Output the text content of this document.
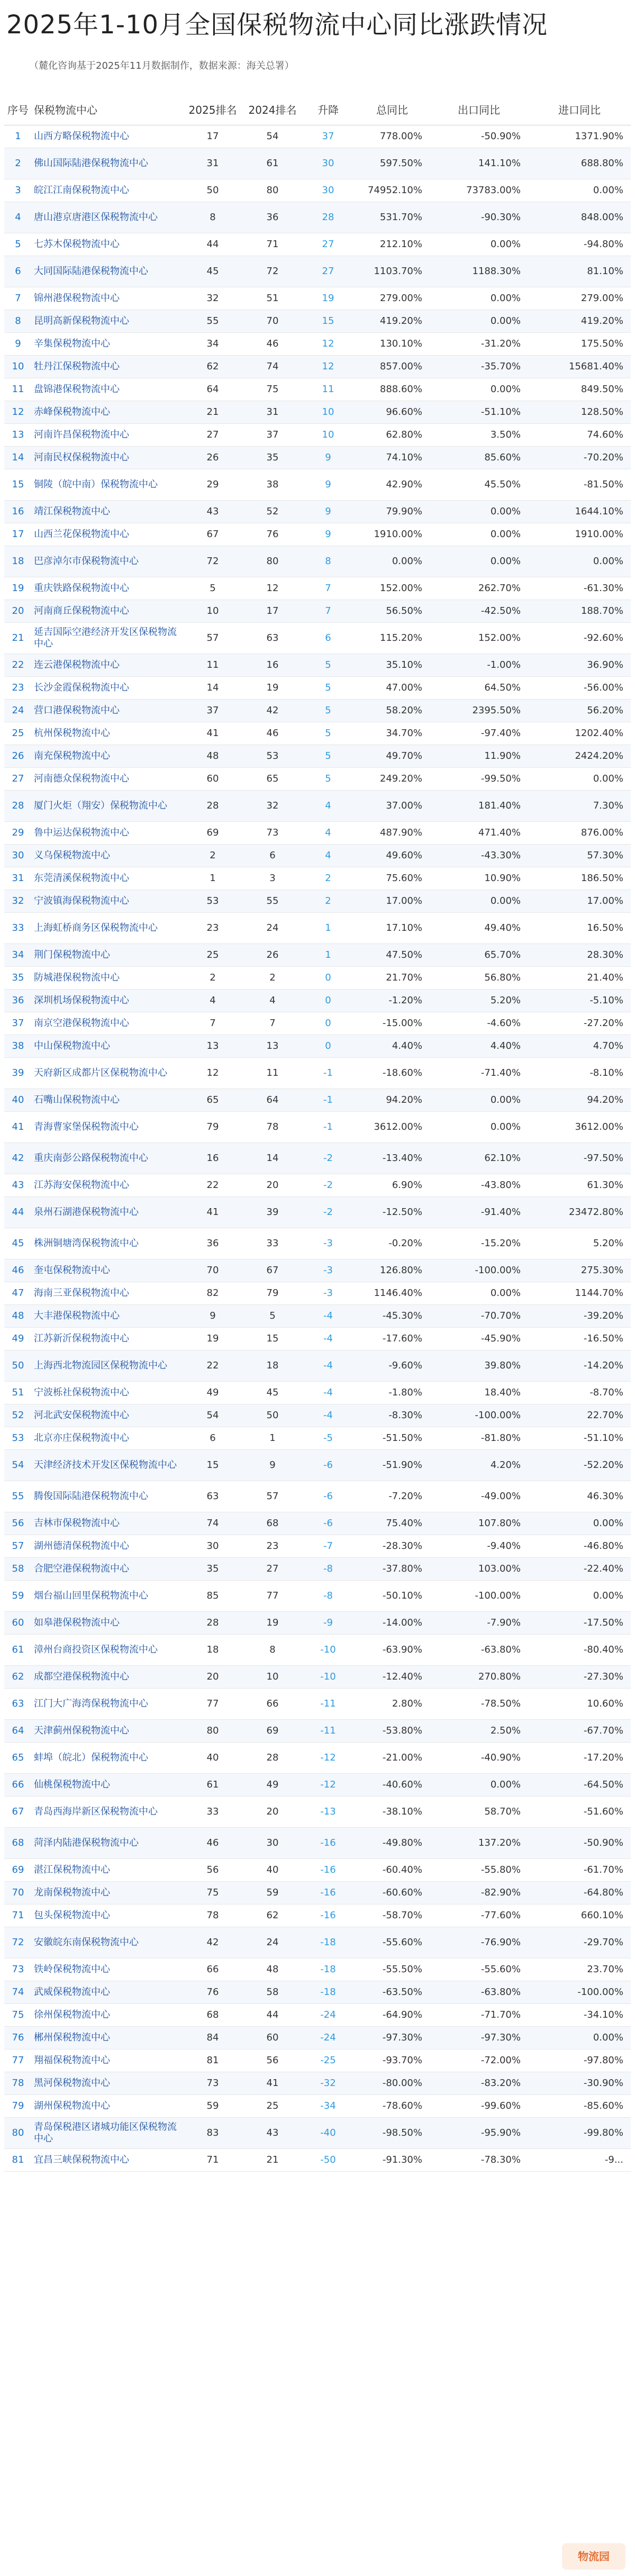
2025年1-10月全国保税物流中心同比涨跌情况

（麓化咨询基于2025年11月数据制作，数据来源：海关总署）

序号	保税物流中心	2025排名	2024排名	升降	总同比	出口同比	进口同比
1	山西方略保税物流中心	17	54	37	778.00%	-50.90%	1371.90%
2	佛山国际陆港保税物流中心	31	61	30	597.50%	141.10%	688.80%
3	皖江江南保税物流中心	50	80	30	74952.10%	73783.00%	0.00%
4	唐山港京唐港区保税物流中心	8	36	28	531.70%	-90.30%	848.00%
5	七苏木保税物流中心	44	71	27	212.10%	0.00%	-94.80%
6	大同国际陆港保税物流中心	45	72	27	1103.70%	1188.30%	81.10%
7	锦州港保税物流中心	32	51	19	279.00%	0.00%	279.00%
8	昆明高新保税物流中心	55	70	15	419.20%	0.00%	419.20%
9	辛集保税物流中心	34	46	12	130.10%	-31.20%	175.50%
10	牡丹江保税物流中心	62	74	12	857.00%	-35.70%	15681.40%
11	盘锦港保税物流中心	64	75	11	888.60%	0.00%	849.50%
12	赤峰保税物流中心	21	31	10	96.60%	-51.10%	128.50%
13	河南许昌保税物流中心	27	37	10	62.80%	3.50%	74.60%
14	河南民权保税物流中心	26	35	9	74.10%	85.60%	-70.20%
15	铜陵（皖中南）保税物流中心	29	38	9	42.90%	45.50%	-81.50%
16	靖江保税物流中心	43	52	9	79.90%	0.00%	1644.10%
17	山西兰花保税物流中心	67	76	9	1910.00%	0.00%	1910.00%
18	巴彦淖尔市保税物流中心	72	80	8	0.00%	0.00%	0.00%
19	重庆铁路保税物流中心	5	12	7	152.00%	262.70%	-61.30%
20	河南商丘保税物流中心	10	17	7	56.50%	-42.50%	188.70%
21	延吉国际空港经济开发区保税物流中心	57	63	6	115.20%	152.00%	-92.60%
22	连云港保税物流中心	11	16	5	35.10%	-1.00%	36.90%
23	长沙金霞保税物流中心	14	19	5	47.00%	64.50%	-56.00%
24	营口港保税物流中心	37	42	5	58.20%	2395.50%	56.20%
25	杭州保税物流中心	41	46	5	34.70%	-97.40%	1202.40%
26	南充保税物流中心	48	53	5	49.70%	11.90%	2424.20%
27	河南德众保税物流中心	60	65	5	249.20%	-99.50%	0.00%
28	厦门火炬（翔安）保税物流中心	28	32	4	37.00%	181.40%	7.30%
29	鲁中运达保税物流中心	69	73	4	487.90%	471.40%	876.00%
30	义乌保税物流中心	2	6	4	49.60%	-43.30%	57.30%
31	东莞清溪保税物流中心	1	3	2	75.60%	10.90%	186.50%
32	宁波镇海保税物流中心	53	55	2	17.00%	0.00%	17.00%
33	上海虹桥商务区保税物流中心	23	24	1	17.10%	49.40%	16.50%
34	荆门保税物流中心	25	26	1	47.50%	65.70%	28.30%
35	防城港保税物流中心	2	2	0	21.70%	56.80%	21.40%
36	深圳机场保税物流中心	4	4	0	-1.20%	5.20%	-5.10%
37	南京空港保税物流中心	7	7	0	-15.00%	-4.60%	-27.20%
38	中山保税物流中心	13	13	0	4.40%	4.40%	4.70%
39	天府新区成都片区保税物流中心	12	11	-1	-18.60%	-71.40%	-8.10%
40	石嘴山保税物流中心	65	64	-1	94.20%	0.00%	94.20%
41	青海曹家堡保税物流中心	79	78	-1	3612.00%	0.00%	3612.00%
42	重庆南彭公路保税物流中心	16	14	-2	-13.40%	62.10%	-97.50%
43	江苏海安保税物流中心	22	20	-2	6.90%	-43.80%	61.30%
44	泉州石湖港保税物流中心	41	39	-2	-12.50%	-91.40%	23472.80%
45	株洲铜塘湾保税物流中心	36	33	-3	-0.20%	-15.20%	5.20%
46	奎屯保税物流中心	70	67	-3	126.80%	-100.00%	275.30%
47	海南三亚保税物流中心	82	79	-3	1146.40%	0.00%	1144.70%
48	大丰港保税物流中心	9	5	-4	-45.30%	-70.70%	-39.20%
49	江苏新沂保税物流中心	19	15	-4	-17.60%	-45.90%	-16.50%
50	上海西北物流园区保税物流中心	22	18	-4	-9.60%	39.80%	-14.20%
51	宁波栎社保税物流中心	49	45	-4	-1.80%	18.40%	-8.70%
52	河北武安保税物流中心	54	50	-4	-8.30%	-100.00%	22.70%
53	北京亦庄保税物流中心	6	1	-5	-51.50%	-81.80%	-51.10%
54	天津经济技术开发区保税物流中心	15	9	-6	-51.90%	4.20%	-52.20%
55	腾俊国际陆港保税物流中心	63	57	-6	-7.20%	-49.00%	46.30%
56	吉林市保税物流中心	74	68	-6	75.40%	107.80%	0.00%
57	湖州德清保税物流中心	30	23	-7	-28.30%	-9.40%	-46.80%
58	合肥空港保税物流中心	35	27	-8	-37.80%	103.00%	-22.40%
59	烟台福山回里保税物流中心	85	77	-8	-50.10%	-100.00%	0.00%
60	如皋港保税物流中心	28	19	-9	-14.00%	-7.90%	-17.50%
61	漳州台商投资区保税物流中心	18	8	-10	-63.90%	-63.80%	-80.40%
62	成都空港保税物流中心	20	10	-10	-12.40%	270.80%	-27.30%
63	江门大广海湾保税物流中心	77	66	-11	2.80%	-78.50%	10.60%
64	天津蓟州保税物流中心	80	69	-11	-53.80%	2.50%	-67.70%
65	蚌埠（皖北）保税物流中心	40	28	-12	-21.00%	-40.90%	-17.20%
66	仙桃保税物流中心	61	49	-12	-40.60%	0.00%	-64.50%
67	青岛西海岸新区保税物流中心	33	20	-13	-38.10%	58.70%	-51.60%
68	菏泽内陆港保税物流中心	46	30	-16	-49.80%	137.20%	-50.90%
69	湛江保税物流中心	56	40	-16	-60.40%	-55.80%	-61.70%
70	龙南保税物流中心	75	59	-16	-60.60%	-82.90%	-64.80%
71	包头保税物流中心	78	62	-16	-58.70%	-77.60%	660.10%
72	安徽皖东南保税物流中心	42	24	-18	-55.60%	-76.90%	-29.70%
73	铁岭保税物流中心	66	48	-18	-55.50%	-55.60%	23.70%
74	武威保税物流中心	76	58	-18	-63.50%	-63.80%	-100.00%
75	徐州保税物流中心	68	44	-24	-64.90%	-71.70%	-34.10%
76	郴州保税物流中心	84	60	-24	-97.30%	-97.30%	0.00%
77	翔福保税物流中心	81	56	-25	-93.70%	-72.00%	-97.80%
78	黑河保税物流中心	73	41	-32	-80.00%	-83.20%	-30.90%
79	湖州保税物流中心	59	25	-34	-78.60%	-99.60%	-85.60%
80	青岛保税港区诸城功能区保税物流中心	83	43	-40	-98.50%	-95.90%	-99.80%
81	宜昌三峡保税物流中心	71	21	-50	-91.30%	-78.30%	-9...
物流园
